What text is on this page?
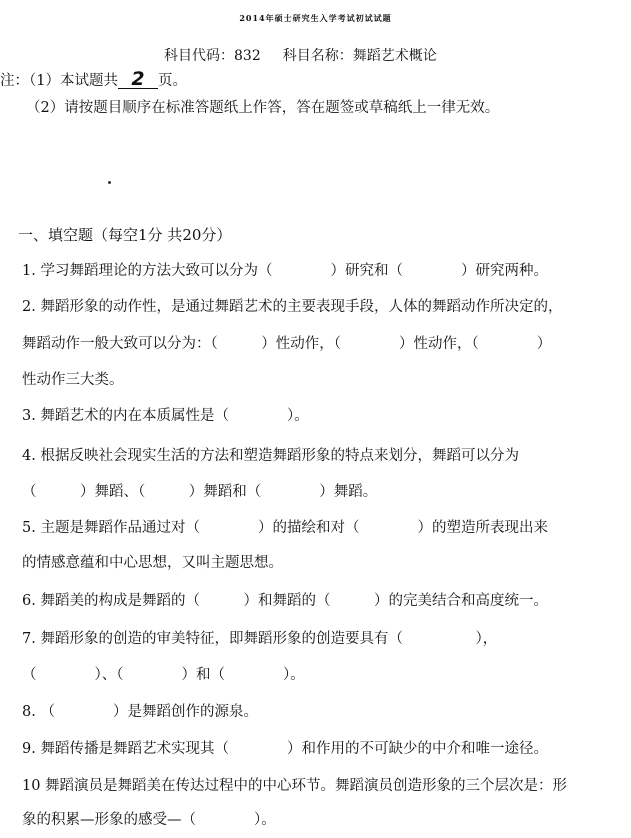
2014年硕士研究生入学考试初试试题
科目代码：832 科目名称：舞蹈艺术概论
注：（1）本试题共 2 页。
（2）请按题目顺序在标准答题纸上作答，答在题签或草稿纸上一律无效。
一、填空题（每空1分 共20分）
1. 学习舞蹈理论的方法大致可以分为（　　　　）研究和（　　　　）研究两种。
2. 舞蹈形象的动作性，是通过舞蹈艺术的主要表现手段，人体的舞蹈动作所决定的，
舞蹈动作一般大致可以分为：（　　　）性动作，（　　　　）性动作，（　　　　）
性动作三大类。
3. 舞蹈艺术的内在本质属性是（　　　　）。
4. 根据反映社会现实生活的方法和塑造舞蹈形象的特点来划分，舞蹈可以分为
（　　　）舞蹈、（　　　）舞蹈和（　　　　）舞蹈。
5. 主题是舞蹈作品通过对（　　　　）的描绘和对（　　　　）的塑造所表现出来
的情感意蕴和中心思想，又叫主题思想。
6. 舞蹈美的构成是舞蹈的（　　　）和舞蹈的（　　　）的完美结合和高度统一。
7. 舞蹈形象的创造的审美特征，即舞蹈形象的创造要具有（　　　　　），
（　　　　）、（　　　　）和（　　　　）。
8. （　　　　）是舞蹈创作的源泉。
9. 舞蹈传播是舞蹈艺术实现其（　　　　）和作用的不可缺少的中介和唯一途径。
10 舞蹈演员是舞蹈美在传达过程中的中心环节。舞蹈演员创造形象的三个层次是：形
象的积累—形象的感受—（　　　　）。
